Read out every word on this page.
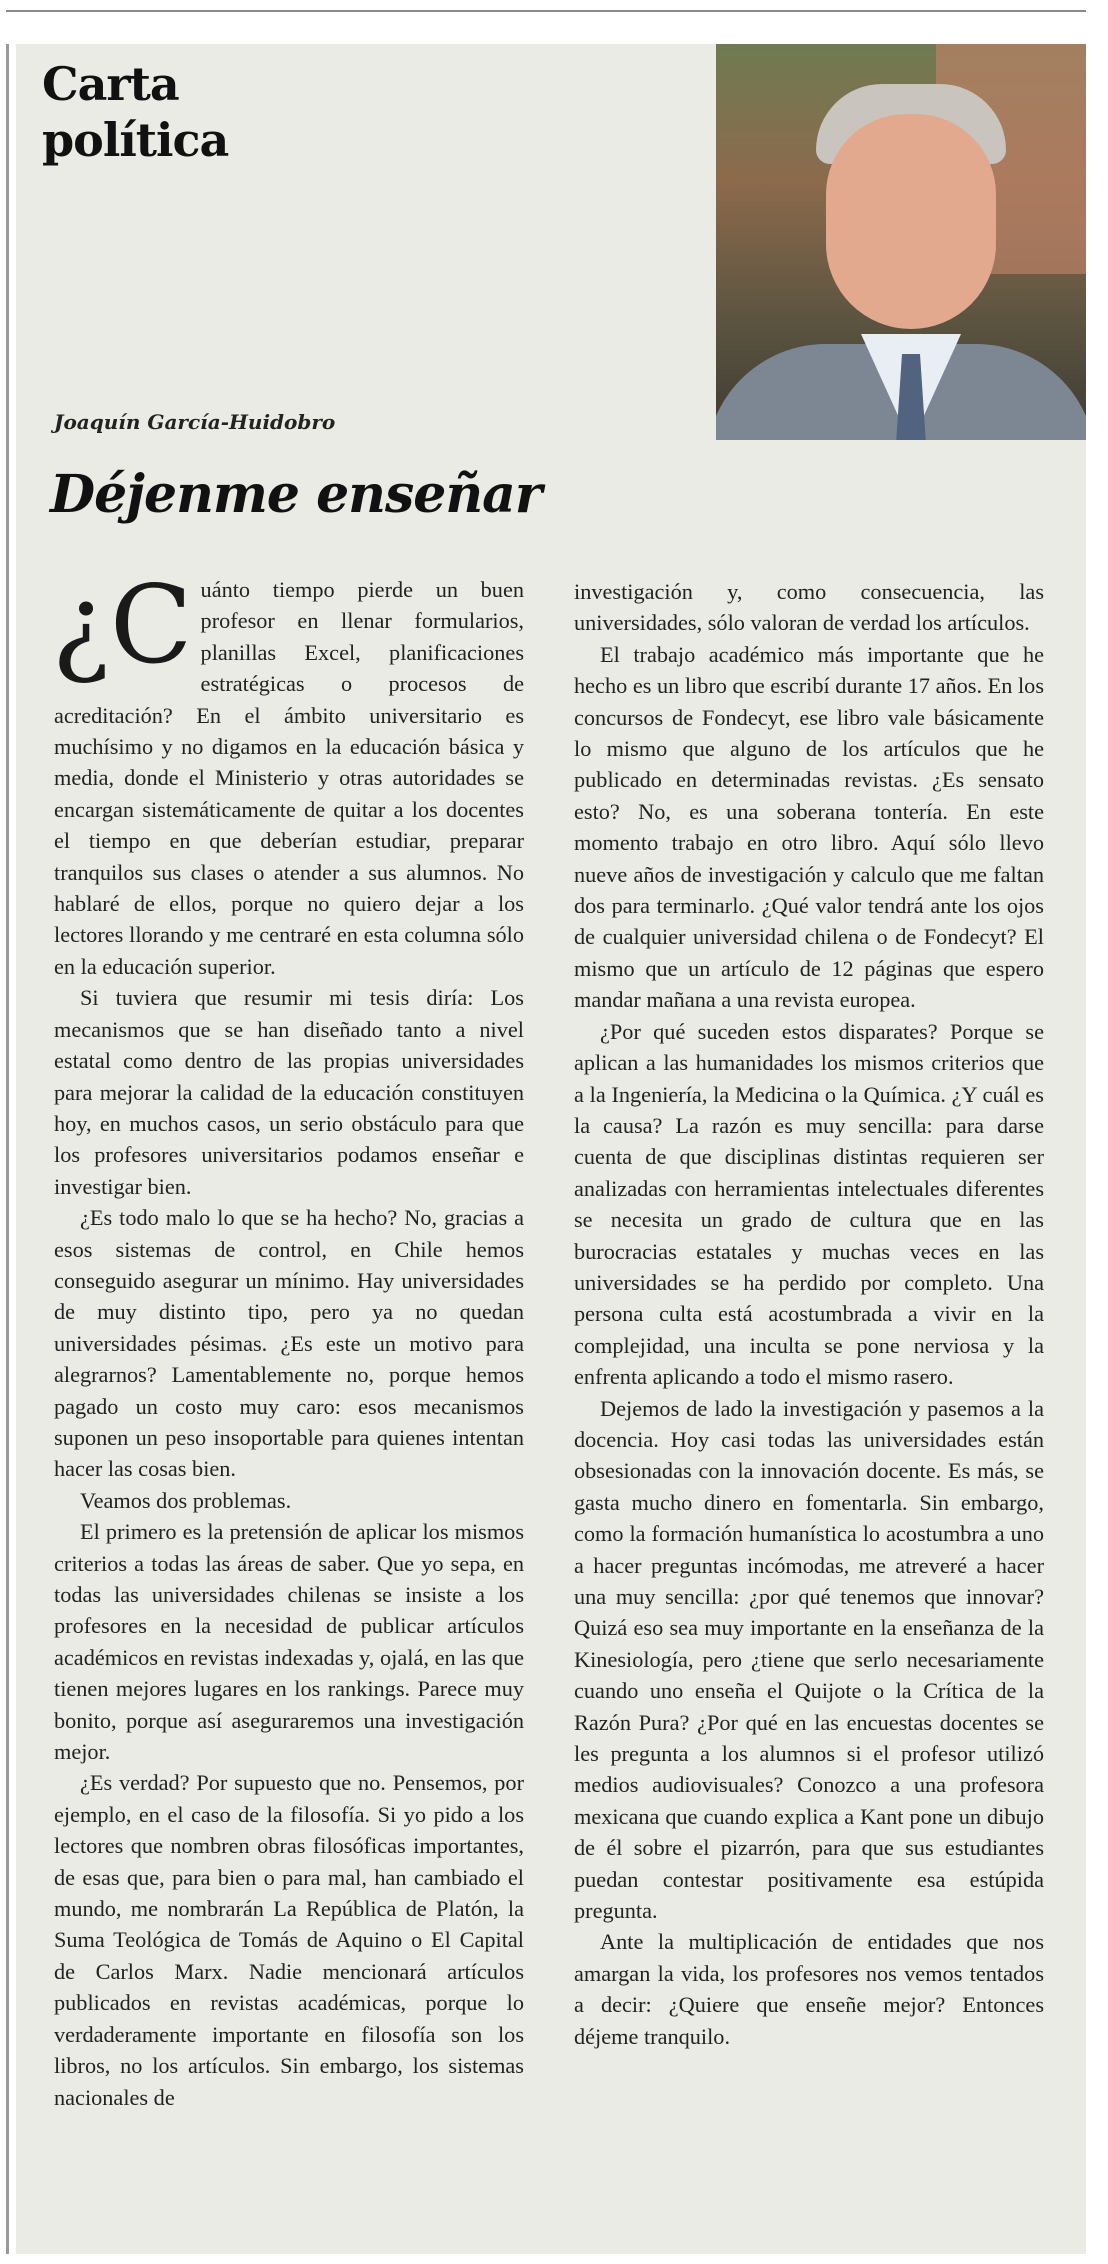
Carta
política
Joaquín García-Huidobro
Déjenme enseñar

¿C uánto tiempo pierde un buen profesor en llenar formularios, planillas Excel, planificaciones estratégicas o procesos de acreditación? En el ámbito universitario es muchísimo y no digamos en la educación básica y media, donde el Ministerio y otras autoridades se encargan sistemáticamente de quitar a los docentes el tiempo en que deberían estudiar, preparar tranquilos sus clases o atender a sus alumnos. No hablaré de ellos, porque no quiero dejar a los lectores llorando y me centraré en esta columna sólo en la educación superior.

Si tuviera que resumir mi tesis diría: Los mecanismos que se han diseñado tanto a nivel estatal como dentro de las propias universidades para mejorar la calidad de la educación constituyen hoy, en muchos casos, un serio obstáculo para que los profesores universitarios podamos enseñar e investigar bien.

¿Es todo malo lo que se ha hecho? No, gracias a esos sistemas de control, en Chile hemos conseguido asegurar un mínimo. Hay universidades de muy distinto tipo, pero ya no quedan universidades pésimas. ¿Es este un motivo para alegrarnos? Lamentablemente no, porque hemos pagado un costo muy caro: esos mecanismos suponen un peso insoportable para quienes intentan hacer las cosas bien.

Veamos dos problemas.

El primero es la pretensión de aplicar los mismos criterios a todas las áreas de saber. Que yo sepa, en todas las universidades chilenas se insiste a los profesores en la necesidad de publicar artículos académicos en revistas indexadas y, ojalá, en las que tienen mejores lugares en los rankings. Parece muy bonito, porque así aseguraremos una investigación mejor.

¿Es verdad? Por supuesto que no. Pensemos, por ejemplo, en el caso de la filosofía. Si yo pido a los lectores que nombren obras filosóficas importantes, de esas que, para bien o para mal, han cambiado el mundo, me nombrarán La República de Platón, la Suma Teológica de Tomás de Aquino o El Capital de Carlos Marx. Nadie mencionará artículos publicados en revistas académicas, porque lo verdaderamente importante en filosofía son los libros, no los artículos. Sin embargo, los sistemas nacionales de

investigación y, como consecuencia, las universidades, sólo valoran de verdad los artículos.

El trabajo académico más importante que he hecho es un libro que escribí durante 17 años. En los concursos de Fondecyt, ese libro vale básicamente lo mismo que alguno de los artículos que he publicado en determinadas revistas. ¿Es sensato esto? No, es una soberana tontería. En este momento trabajo en otro libro. Aquí sólo llevo nueve años de investigación y calculo que me faltan dos para terminarlo. ¿Qué valor tendrá ante los ojos de cualquier universidad chilena o de Fondecyt? El mismo que un artículo de 12 páginas que espero mandar mañana a una revista europea.

¿Por qué suceden estos disparates? Porque se aplican a las humanidades los mismos criterios que a la Ingeniería, la Medicina o la Química. ¿Y cuál es la causa? La razón es muy sencilla: para darse cuenta de que disciplinas distintas requieren ser analizadas con herramientas intelectuales diferentes se necesita un grado de cultura que en las burocracias estatales y muchas veces en las universidades se ha perdido por completo. Una persona culta está acostumbrada a vivir en la complejidad, una inculta se pone nerviosa y la enfrenta aplicando a todo el mismo rasero.

Dejemos de lado la investigación y pasemos a la docencia. Hoy casi todas las universidades están obsesionadas con la innovación docente. Es más, se gasta mucho dinero en fomentarla. Sin embargo, como la formación humanística lo acostumbra a uno a hacer preguntas incómodas, me atreveré a hacer una muy sencilla: ¿por qué tenemos que innovar? Quizá eso sea muy importante en la enseñanza de la Kinesiología, pero ¿tiene que serlo necesariamente cuando uno enseña el Quijote o la Crítica de la Razón Pura? ¿Por qué en las encuestas docentes se les pregunta a los alumnos si el profesor utilizó medios audiovisuales? Conozco a una profesora mexicana que cuando explica a Kant pone un dibujo de él sobre el pizarrón, para que sus estudiantes puedan contestar positivamente esa estúpida pregunta.

Ante la multiplicación de entidades que nos amargan la vida, los profesores nos vemos tentados a decir: ¿Quiere que enseñe mejor? Entonces déjeme tranquilo.
